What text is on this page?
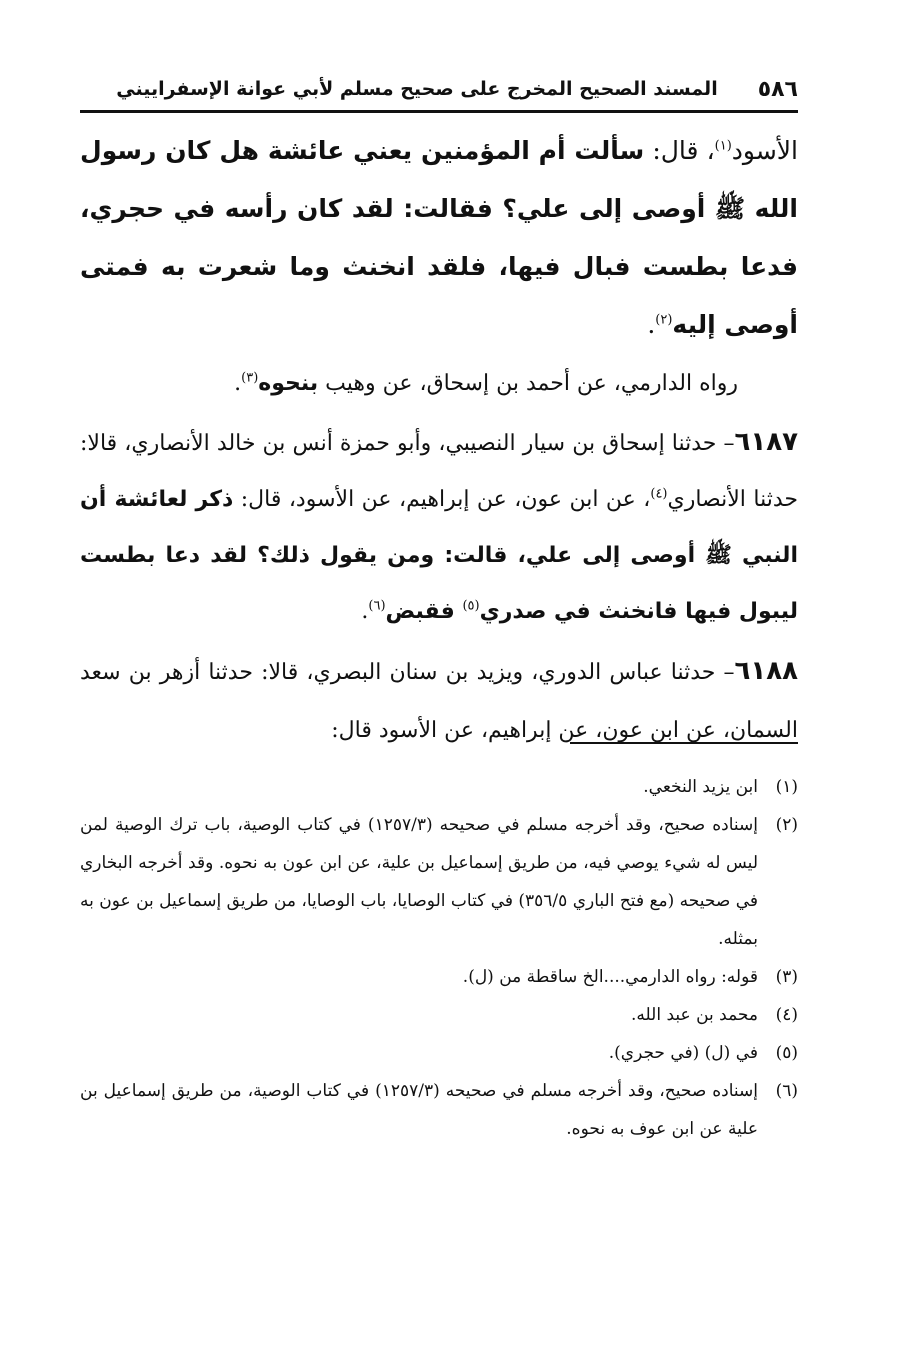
٥٨٦
المسند الصحيح المخرج على صحيح مسلم لأبي عوانة الإسفراييني

الأسود$^{(١)}$، قال: سألت أم المؤمنين يعني عائشة هل كان رسول الله ﷺ أوصى إلى علي؟ فقالت: لقد كان رأسه في حجري، فدعا بطست فبال فيها، فلقد انخنث وما شعرت به فمتى أوصى إليه$^{(٢)}$.

رواه الدارمي، عن أحمد بن إسحاق، عن وهيب بنحوه$^{(٣)}$.

٦١٨٧– حدثنا إسحاق بن سيار النصيبي، وأبو حمزة أنس بن خالد الأنصاري، قالا: حدثنا الأنصاري$^{(٤)}$، عن ابن عون، عن إبراهيم، عن الأسود، قال: ذكر لعائشة أن النبي ﷺ أوصى إلى علي، قالت: ومن يقول ذلك؟ لقد دعا بطست ليبول فيها فانخنث في صدري$^{(٥)}$ فقبض$^{(٦)}$.

٦١٨٨– حدثنا عباس الدوري، ويزيد بن سنان البصري، قالا: حدثنا أزهر بن سعد السمان، عن ابن عون، عن إبراهيم، عن الأسود قال:

(١)ابن يزيد النخعي.

(٢)إسناده صحيح، وقد أخرجه مسلم في صحيحه (١٢٥٧/٣) في كتاب الوصية، باب ترك الوصية لمن ليس له شيء يوصي فيه، من طريق إسماعيل بن علية، عن ابن عون به نحوه. وقد أخرجه البخاري في صحيحه (مع فتح الباري ٣٥٦/٥) في كتاب الوصايا، باب الوصايا، من طريق إسماعيل بن عون به بمثله.

(٣)قوله: رواه الدارمي....الخ ساقطة من (ل).

(٤)محمد بن عبد الله.

(٥)في (ل) (في حجري).

(٦)إسناده صحيح، وقد أخرجه مسلم في صحيحه (١٢٥٧/٣) في كتاب الوصية، من طريق إسماعيل بن علية عن ابن عوف به نحوه.
